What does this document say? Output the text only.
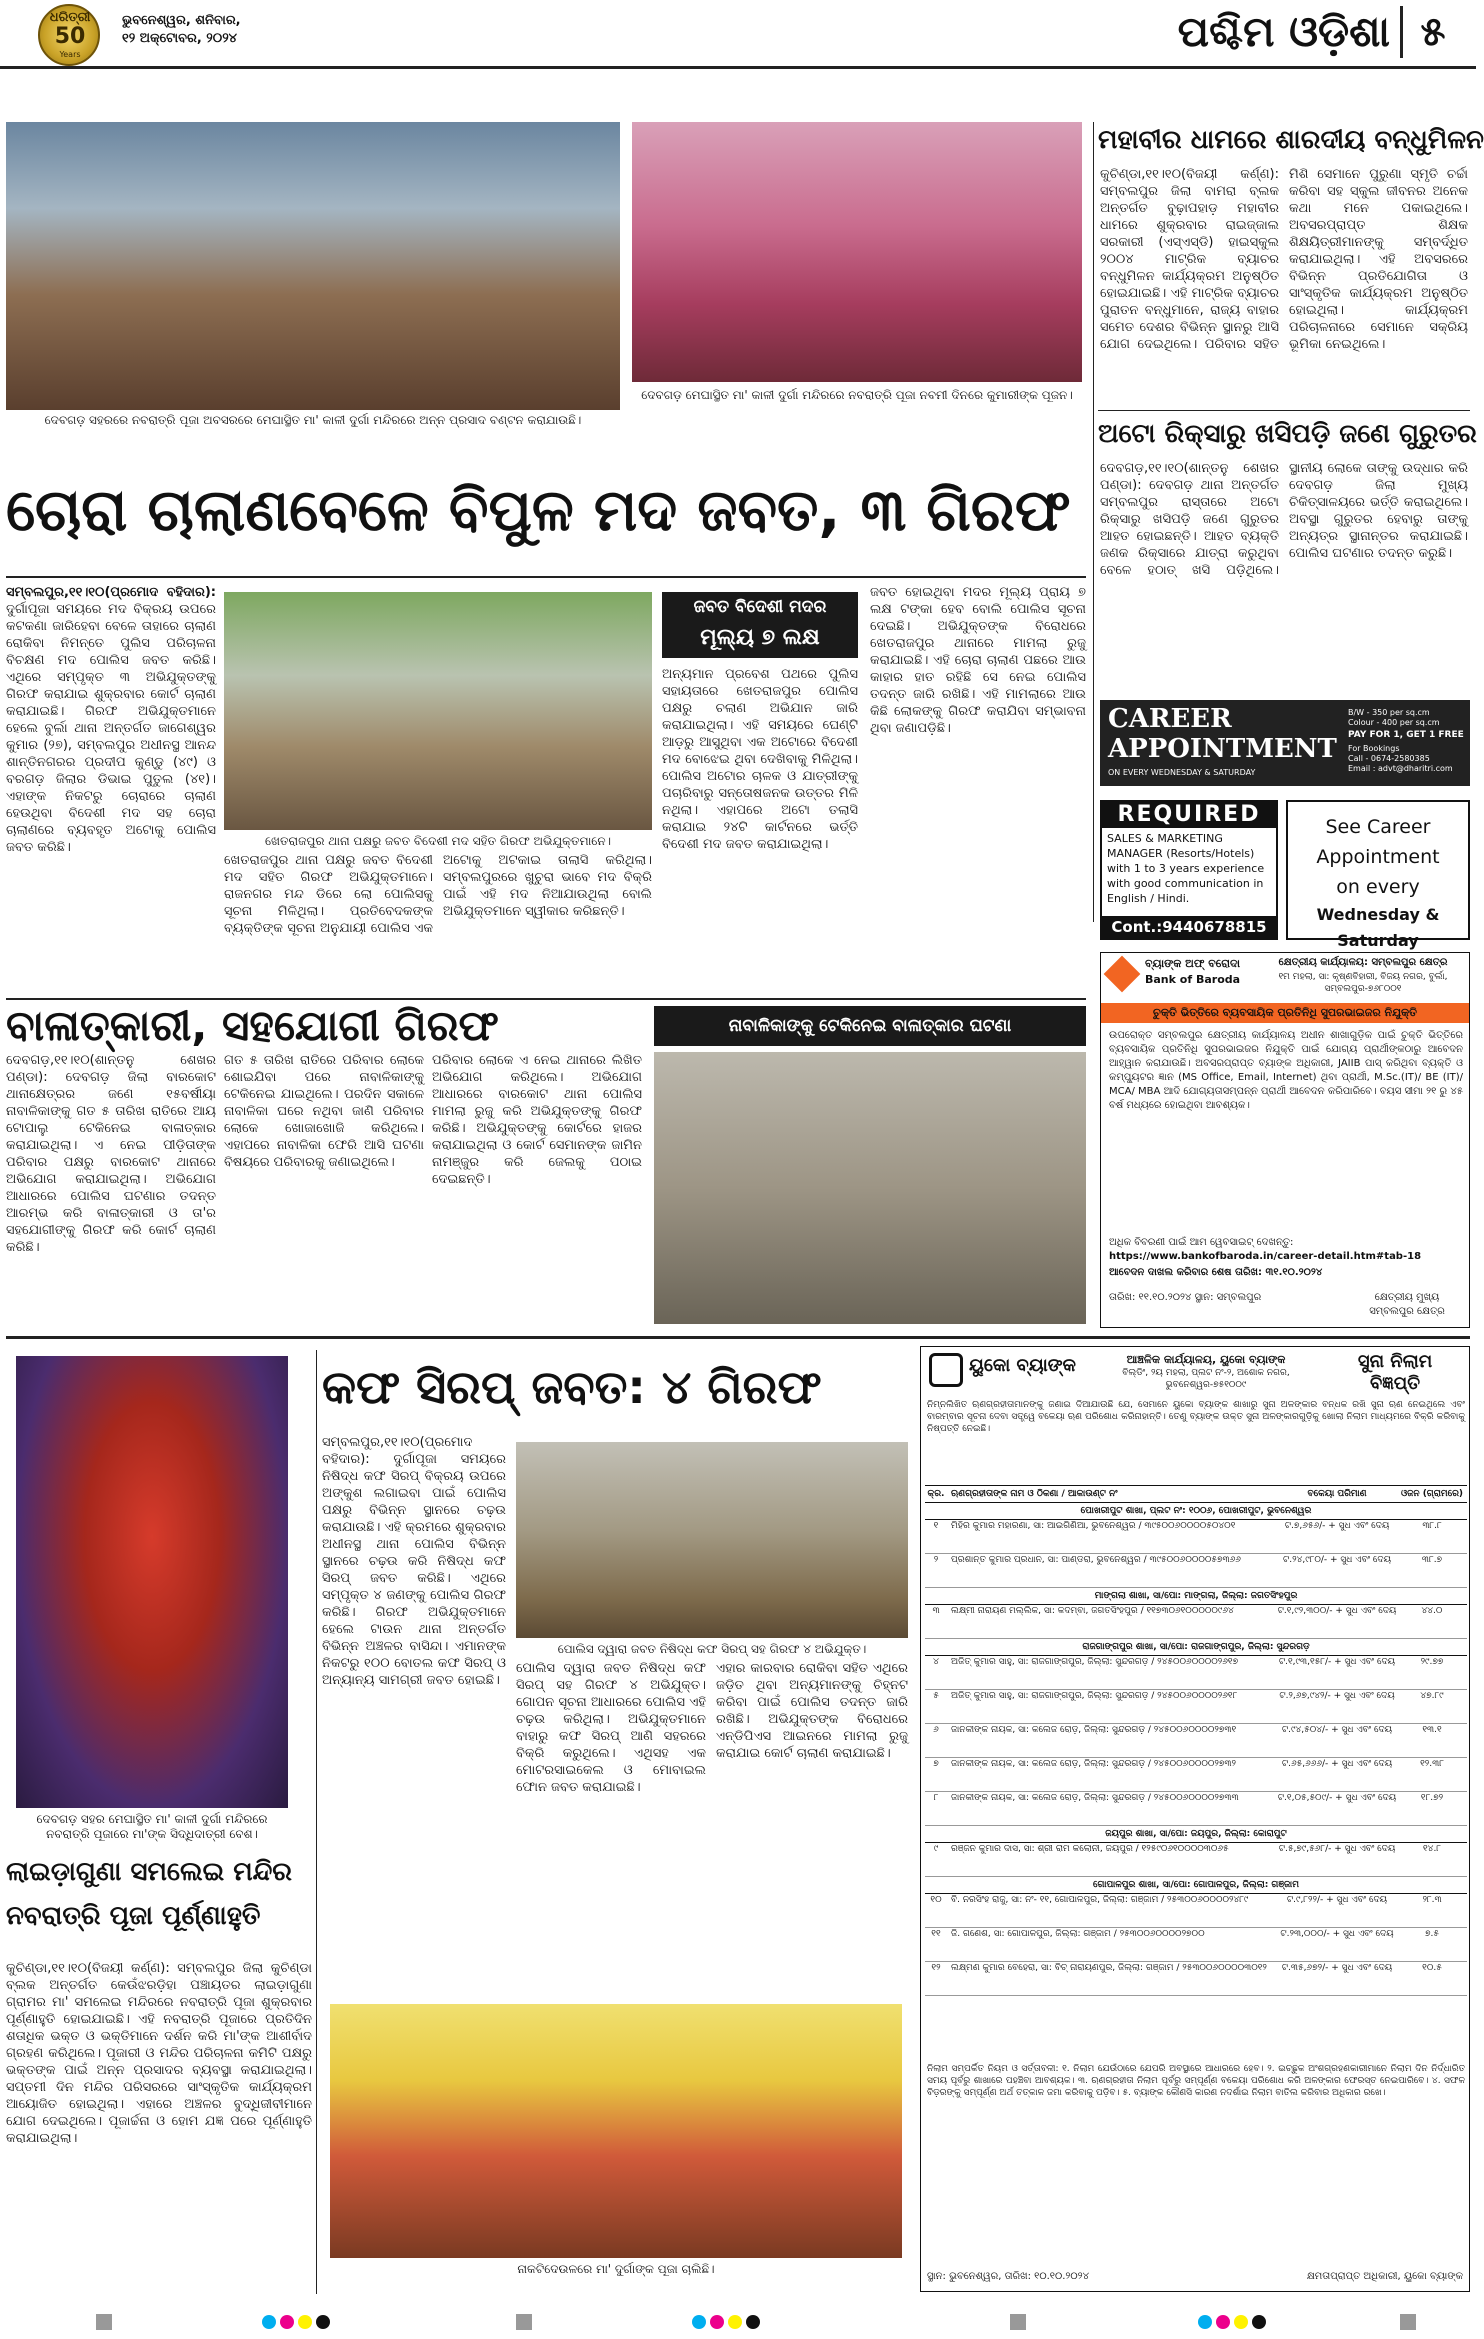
ଧରିତ୍ରୀ
50
Years
ଭୁବନେଶ୍ୱର, ଶନିବାର,
୧୨ ଅକ୍ଟୋବର, ୨୦୨୪	ପଶ୍ଚିମ ଓଡ଼ିଶା ୫
ଦେବଗଡ଼ ସହରରେ ନବରାତ୍ରି ପୂଜା ଅବସରରେ ମେଘାସ୍ଥିତ ମା' କାଳୀ ଦୁର୍ଗା ମନ୍ଦିରରେ ଅନ୍ନ ପ୍ରସାଦ ବଣ୍ଟନ କରାଯାଉଛି।
ଦେବଗଡ଼ ମେଘାସ୍ଥିତ ମା' କାଳୀ ଦୁର୍ଗା ମନ୍ଦିରରେ ନବରାତ୍ରି ପୂଜା ନବମୀ ଦିନରେ କୁମାରୀଙ୍କ ପୂଜନ।
ମହାବୀର ଧାମରେ ଶାରଦୀୟ ବନ୍ଧୁମିଳନ
କୁଚିଣ୍ଡା,୧୧।୧୦(ବିଜୟୀ କର୍ଣ୍ଣ): ସମ୍ବଲପୁର ଜିଲା ବାମରା ବ୍ଲକ ଅନ୍ତର୍ଗତ ବୁଢ଼ାପହାଡ଼ ମହାବୀର ଧାମରେ ଶୁକ୍ରବାର ରାଇଜ୍ଜାଲ ସରକାରୀ (ଏସ୍‌ଏସ୍‌ଡି) ହାଇସ୍କୁଲ ୨୦୦୪ ମାଟ୍ରିକ ବ୍ୟାଚର ବନ୍ଧୁମିଳନ କାର୍ଯ୍ୟକ୍ରମ ଅନୁଷ୍ଠିତ ହୋଇଯାଇଛି। ଏହି ମାଟ୍ରିକ ବ୍ୟାଚର ପୁରାତନ ବନ୍ଧୁମାନେ, ରାଜ୍ୟ ବାହାର ସମେତ ଦେଶର ବିଭିନ୍ନ ସ୍ଥାନରୁ ଆସି ଯୋଗ ଦେଇଥିଲେ। ପରିବାର ସହିତ ମିଶି ସେମାନେ ପୁରୁଣା ସ୍ମୃତି ଚର୍ଚ୍ଚା କରିବା ସହ ସ୍କୁଲ ଜୀବନର ଅନେକ କଥା ମନେ ପକାଇଥିଲେ। ଅବସରପ୍ରାପ୍ତ ଶିକ୍ଷକ ଶିକ୍ଷୟିତ୍ରୀମାନଙ୍କୁ ସମ୍ବର୍ଦ୍ଧିତ କରାଯାଇଥିଲା। ଏହି ଅବସରରେ ବିଭିନ୍ନ ପ୍ରତିଯୋଗିତା ଓ ସାଂସ୍କୃତିକ କାର୍ଯ୍ୟକ୍ରମ ଅନୁଷ୍ଠିତ ହୋଇଥିଲା। କାର୍ଯ୍ୟକ୍ରମ ପରିଚାଳନାରେ ସେମାନେ ସକ୍ରିୟ ଭୂମିକା ନେଇଥିଲେ।
ଅଟୋ ରିକ୍ସାରୁ ଖସିପଡ଼ି ଜଣେ ଗୁରୁତର
ଦେବଗଡ଼,୧୧।୧୦(ଶାନ୍ତନୁ ଶେଖର ପଣ୍ଡା): ଦେବଗଡ଼ ଥାନା ଅନ୍ତର୍ଗତ ସମ୍ବଲପୁର ରାସ୍ତାରେ ଅଟୋ ରିକ୍ସାରୁ ଖସିପଡ଼ି ଜଣେ ଗୁରୁତର ଆହତ ହୋଇଛନ୍ତି। ଆହତ ବ୍ୟକ୍ତି ଜଣକ ରିକ୍ସାରେ ଯାତ୍ରା କରୁଥିବା ବେଳେ ହଠାତ୍ ଖସି ପଡ଼ିଥିଲେ। ସ୍ଥାନୀୟ ଲୋକେ ତାଙ୍କୁ ଉଦ୍ଧାର କରି ଦେବଗଡ଼ ଜିଲା ମୁଖ୍ୟ ଚିକିତ୍ସାଳୟରେ ଭର୍ତ୍ତି କରାଇଥିଲେ। ଅବସ୍ଥା ଗୁରୁତର ହେବାରୁ ତାଙ୍କୁ ଅନ୍ୟତ୍ର ସ୍ଥାନାନ୍ତର କରାଯାଇଛି। ପୋଲିସ ଘଟଣାର ତଦନ୍ତ କରୁଛି।
ଚୋରା ଚାଲାଣବେଳେ ବିପୁଳ ମଦ ଜବତ, ୩ ଗିରଫ
ସମ୍ବଲପୁର,୧୧।୧୦(ପ୍ରମୋଦ ବହିଦାର): ଦୁର୍ଗାପୂଜା ସମୟରେ ମଦ ବିକ୍ରୟ ଉପରେ କଟକଣା ଜାରିହେବା ବେଳେ ତାହାରେ ଚାଲାଣ ରୋକିବା ନିମନ୍ତେ ପୁଲିସ ପରିଚାଳନା ବିଚକ୍ଷଣ ମଦ ପୋଲିସ ଜବତ କରିଛି। ଏଥିରେ ସମ୍ପୃକ୍ତ ୩ ଅଭିଯୁକ୍ତଙ୍କୁ ଗିରଫ କରାଯାଇ ଶୁକ୍ରବାର କୋର୍ଟ ଚାଲାଣ କରାଯାଇଛି। ଗିରଫ ଅଭିଯୁକ୍ତମାନେ ହେଲେ ବୁର୍ଲା ଥାନା ଅନ୍ତର୍ଗତ ଜାଗେଶ୍ୱର କୁମାର (୨୭), ସମ୍ବଲପୁର ଅଧୀନସ୍ଥ ଆନନ୍ଦ ଶାନ୍ତିନଗରର ପ୍ରଦୀପ କୁଣ୍ଡୁ (୪୯) ଓ ବରଗଡ଼ ଜିଲାର ଡିଭାଇ ପୁତୁଲ (୪୧)। ଏହାଙ୍କ ନିକଟରୁ ଚୋରାରେ ଚାଲାଣ ହେଉଥିବା ବିଦେଶୀ ମଦ ସହ ଚୋରା ଚାଲାଣରେ ବ୍ୟବହୃତ ଅଟୋକୁ ପୋଲିସ ଜବତ କରିଛି।	ଖେତରାଜପୁର ଥାନା ପକ୍ଷରୁ ଜବତ ବିଦେଶୀ ମଦ ସହିତ ଗିରଫ ଅଭିଯୁକ୍ତମାନେ।
ଖେତରାଜପୁର ଥାନା ପକ୍ଷରୁ ଜବତ ବିଦେଶୀ ମଦ ସହିତ ଗିରଫ ଅଭିଯୁକ୍ତମାନେ। ରାଜନଗର ମନ୍ଦ ଡିରେ ଲୋ ପୋଲିସକୁ ସୂଚନା ମିଳିଥିଲା। ପ୍ରତିବେଦକଙ୍କ ବ୍ୟକ୍ତିଙ୍କ ସୂଚନା ଅନୁଯାୟୀ ପୋଲିସ ଏକ ଅଟୋକୁ ଅଟକାଇ ତାଲାସି କରିଥିଲା। ସମ୍ବଲପୁରରେ ଖୁଚୁରା ଭାବେ ମଦ ବିକ୍ରି ପାଇଁ ଏହି ମଦ ନିଆଯାଉଥିଲା ବୋଲି ଅଭିଯୁକ୍ତମାନେ ସ୍ୱୀକାର କରିଛନ୍ତି।
ଜବତ ବିଦେଶୀ ମଦର
ମୂଲ୍ୟ ୭ ଲକ୍ଷ
ଅନ୍ୟମାନ ପ୍ରବେଶ ପଥରେ ପୁଲିସ ସହାୟତାରେ ଖେତରାଜପୁର ପୋଲିସ ପକ୍ଷରୁ ଚଲାଣ ଅଭିଯାନ ଜାରି କରାଯାଇଥିଲା। ଏହି ସମୟରେ ଘେଣ୍ଟି ଆଡ଼ରୁ ଆସୁଥିବା ଏକ ଅଟୋରେ ବିଦେଶୀ ମଦ ବୋଝେଇ ଥିବା ଦେଖିବାକୁ ମିଳିଥିଲା। ପୋଲିସ ଅଟୋର ଚାଳକ ଓ ଯାତ୍ରୀଙ୍କୁ ପଚାରିବାରୁ ସନ୍ତୋଷଜନକ ଉତ୍ତର ମିଳି ନଥିଲା। ଏହାପରେ ଅଟୋ ତଲାସି କରାଯାଇ ୨୪ଟି କାର୍ଟନରେ ଭର୍ତ୍ତି ବିଦେଶୀ ମଦ ଜବତ କରାଯାଇଥିଲା।
ଜବତ ହୋଇଥିବା ମଦର ମୂଲ୍ୟ ପ୍ରାୟ ୭ ଲକ୍ଷ ଟଙ୍କା ହେବ ବୋଲି ପୋଲିସ ସୂଚନା ଦେଇଛି। ଅଭିଯୁକ୍ତଙ୍କ ବିରୋଧରେ ଖେତରାଜପୁର ଥାନାରେ ମାମଲା ରୁଜୁ କରାଯାଇଛି। ଏହି ଚୋରା ଚାଲାଣ ପଛରେ ଆଉ କାହାର ହାତ ରହିଛି ସେ ନେଇ ପୋଲିସ ତଦନ୍ତ ଜାରି ରଖିଛି। ଏହି ମାମଲାରେ ଆଉ କିଛି ଲୋକଙ୍କୁ ଗିରଫ କରାଯିବା ସମ୍ଭାବନା ଥିବା ଜଣାପଡ଼ିଛି।	CAREER
APPOINTMENT
ON EVERY WEDNESDAY & SATURDAY
B/W - 350 per sq.cm
Colour - 400 per sq.cm
PAY FOR 1, GET 1 FREE
For Bookings
Call - 0674-2580385
Email : advt@dharitri.com
REQUIRED
SALES & MARKETING MANAGER (Resorts/Hotels) with 1 to 3 years experience with good communication in English / Hindi.
Cont.:9440678815
See Career
Appointment
on every
Wednesday & Saturday
ବ୍ୟାଙ୍କ ଅଫ୍ ବରୋଦା
Bank of Baroda
କ୍ଷେତ୍ରୀୟ କାର୍ଯ୍ୟାଳୟ: ସମ୍ବଲପୁର କ୍ଷେତ୍ର
୧ମ ମହଲା, ସା: କୃଷ୍ଣବିହାରୀ, ବିଜୟ ନଗର, ବୁର୍ଲା, ସମ୍ବଲପୁର-୭୬୮୦୦୧
ଚୁକ୍ତି ଭିତ୍ତିରେ ବ୍ୟବସାୟିକ ପ୍ରତିନିଧି ସୁପରଭାଇଜର ନିଯୁକ୍ତି
ଉପରୋକ୍ତ ସମ୍ବଲପୁର କ୍ଷେତ୍ରୀୟ କାର୍ଯ୍ୟାଳୟ ଅଧୀନ ଶାଖାଗୁଡ଼ିକ ପାଇଁ ଚୁକ୍ତି ଭିତ୍ତିରେ ବ୍ୟବସାୟିକ ପ୍ରତିନିଧି ସୁପରଭାଇଜର ନିଯୁକ୍ତି ପାଇଁ ଯୋଗ୍ୟ ପ୍ରାର୍ଥୀଙ୍କଠାରୁ ଆବେଦନ ଆହ୍ୱାନ କରାଯାଉଛି। ଅବସରପ୍ରାପ୍ତ ବ୍ୟାଙ୍କ ଅଧିକାରୀ, JAIIB ପାସ୍ କରିଥିବା ବ୍ୟକ୍ତି ଓ କମ୍ପ୍ୟୁଟର ଜ୍ଞାନ (MS Office, Email, Internet) ଥିବା ପ୍ରାର୍ଥୀ, M.Sc.(IT)/ BE (IT)/ MCA/ MBA ଆଦି ଯୋଗ୍ୟତାସମ୍ପନ୍ନ ପ୍ରାର୍ଥୀ ଆବେଦନ କରିପାରିବେ। ବୟସ ସୀମା ୨୧ ରୁ ୪୫ ବର୍ଷ ମଧ୍ୟରେ ହୋଇଥିବା ଆବଶ୍ୟକ।
ଅଧିକ ବିବରଣୀ ପାଇଁ ଆମ ୱେବସାଇଟ୍ ଦେଖନ୍ତୁ:
https://www.bankofbaroda.in/career-detail.htm#tab-18
ଆବେଦନ ଦାଖଲ କରିବାର ଶେଷ ତାରିଖ: ୩୧.୧୦.୨୦୨୪
ତାରିଖ: ୧୧.୧୦.୨୦୨୪ ସ୍ଥାନ: ସମ୍ବଲପୁର	କ୍ଷେତ୍ରୀୟ ମୁଖ୍ୟ ସମ୍ବଲପୁର କ୍ଷେତ୍ର
ବାଳାତ୍କାରୀ, ସହଯୋଗୀ ଗିରଫ	ନାବାଳିକାଙ୍କୁ ଟେକିନେଇ ବାଳାତ୍କାର ଘଟଣା
ଦେବଗଡ଼,୧୧।୧୦(ଶାନ୍ତନୁ ଶେଖର ପଣ୍ଡା): ଦେବଗଡ଼ ଜିଲା ବାରକୋଟ ଥାନାକ୍ଷେତ୍ରର ଜଣେ ୧୫ବର୍ଷୀୟା ନାବାଳିକାଙ୍କୁ ଗତ ୫ ତାରିଖ ରାତିରେ ଆୟ ଟୋପାଲୁ ଟେକିନେଇ ବାଳାତ୍କାର କରାଯାଇଥିଲା। ଏ ନେଇ ପୀଡ଼ିତାଙ୍କ ପରିବାର ପକ୍ଷରୁ ବାରକୋଟ ଥାନାରେ ଅଭିଯୋଗ କରାଯାଇଥିଲା। ଅଭିଯୋଗ ଆଧାରରେ ପୋଲିସ ଘଟଣାର ତଦନ୍ତ ଆରମ୍ଭ କରି ବାଳାତ୍କାରୀ ଓ ତା'ର ସହଯୋଗୀଙ୍କୁ ଗିରଫ କରି କୋର୍ଟ ଚାଲାଣ କରିଛି।
ଗତ ୫ ତାରିଖ ରାତିରେ ପରିବାର ଲୋକେ ଶୋଇଯିବା ପରେ ନାବାଳିକାଙ୍କୁ ଟେକିନେଇ ଯାଇଥିଲେ। ପରଦିନ ସକାଳେ ନାବାଳିକା ଘରେ ନଥିବା ଜାଣି ପରିବାର ଲୋକେ ଖୋଜାଖୋଜି କରିଥିଲେ। ଏହାପରେ ନାବାଳିକା ଫେରି ଆସି ଘଟଣା ବିଷୟରେ ପରିବାରକୁ ଜଣାଇଥିଲେ।
ପରିବାର ଲୋକେ ଏ ନେଇ ଥାନାରେ ଲିଖିତ ଅଭିଯୋଗ କରିଥିଲେ। ଅଭିଯୋଗ ଆଧାରରେ ବାରକୋଟ ଥାନା ପୋଲିସ ମାମଲା ରୁଜୁ କରି ଅଭିଯୁକ୍ତଙ୍କୁ ଗିରଫ କରିଛି। ଅଭିଯୁକ୍ତଙ୍କୁ କୋର୍ଟରେ ହାଜର କରାଯାଇଥିଲା ଓ କୋର୍ଟ ସେମାନଙ୍କ ଜାମିନ ନାମଞ୍ଜୁର କରି ଜେଲକୁ ପଠାଇ ଦେଇଛନ୍ତି।
ଦେବଗଡ଼ ସହର ମେଘାସ୍ଥିତ ମା' କାଳୀ ଦୁର୍ଗା ମନ୍ଦିରରେ ନବରାତ୍ରି ପୂଜାରେ ମା'ଙ୍କ ସିଦ୍ଧିଦାତ୍ରୀ ବେଶ।
ଲାଇଡ଼ାଗୁଣା ସମଲେଇ ମନ୍ଦିର
ନବରାତ୍ରି ପୂଜା ପୂର୍ଣ୍ଣାହୁତି
କୁଚିଣ୍ଡା,୧୧।୧୦(ବିଜୟୀ କର୍ଣ୍ଣ): ସମ୍ବଲପୁର ଜିଲା କୁଚିଣ୍ଡା ବ୍ଲକ ଅନ୍ତର୍ଗତ କେଉଁଝରଡ଼ିହା ପଞ୍ଚାୟତର ଲାଇଡ଼ାଗୁଣା ଗ୍ରାମର ମା' ସମଲେଇ ମନ୍ଦିରରେ ନବରାତ୍ରି ପୂଜା ଶୁକ୍ରବାର ପୂର୍ଣ୍ଣାହୁତି ହୋଇଯାଇଛି। ଏହି ନବରାତ୍ରି ପୂଜାରେ ପ୍ରତିଦିନ ଶତାଧିକ ଭକ୍ତ ଓ ଭକ୍ତିମାନେ ଦର୍ଶନ କରି ମା'ଙ୍କ ଆଶୀର୍ବାଦ ଗ୍ରହଣ କରିଥିଲେ। ପୂଜାରୀ ଓ ମନ୍ଦିର ପରିଚାଳନା କମିଟି ପକ୍ଷରୁ ଭକ୍ତଙ୍କ ପାଇଁ ଅନ୍ନ ପ୍ରସାଦର ବ୍ୟବସ୍ଥା କରାଯାଇଥିଲା। ସପ୍ତମୀ ଦିନ ମନ୍ଦିର ପରିସରରେ ସାଂସ୍କୃତିକ କାର୍ଯ୍ୟକ୍ରମ ଆୟୋଜିତ ହୋଇଥିଲା। ଏହାରେ ଅଞ୍ଚଳର ବୁଦ୍ଧିଜୀବୀମାନେ ଯୋଗ ଦେଇଥିଲେ। ପୂଜାର୍ଚ୍ଚନା ଓ ହୋମ ଯଜ୍ଞ ପରେ ପୂର୍ଣ୍ଣାହୁତି କରାଯାଇଥିଲା।
କଫ ସିରପ୍ ଜବତ: ୪ ଗିରଫ
ସମ୍ବଲପୁର,୧୧।୧୦(ପ୍ରମୋଦ ବହିଦାର): ଦୁର୍ଗାପୂଜା ସମୟରେ ନିଷିଦ୍ଧ କଫ ସିରପ୍ ବିକ୍ରୟ ଉପରେ ଅଙ୍କୁଶ ଲଗାଇବା ପାଇଁ ପୋଲିସ ପକ୍ଷରୁ ବିଭିନ୍ନ ସ୍ଥାନରେ ଚଢ଼ଉ କରାଯାଉଛି। ଏହି କ୍ରମରେ ଶୁକ୍ରବାର ଅଧୀନସ୍ଥ ଥାନା ପୋଲିସ ବିଭିନ୍ନ ସ୍ଥାନରେ ଚଢ଼ଉ କରି ନିଷିଦ୍ଧ କଫ ସିରପ୍ ଜବତ କରିଛି। ଏଥିରେ ସମ୍ପୃକ୍ତ ୪ ଜଣଙ୍କୁ ପୋଲିସ ଗିରଫ କରିଛି। ଗିରଫ ଅଭିଯୁକ୍ତମାନେ ହେଲେ ଟାଉନ ଥାନା ଅନ୍ତର୍ଗତ ବିଭିନ୍ନ ଅଞ୍ଚଳର ବାସିନ୍ଦା। ଏମାନଙ୍କ ନିକଟରୁ ୧୦୦ ବୋତଲ କଫ ସିରପ୍ ଓ ଅନ୍ୟାନ୍ୟ ସାମଗ୍ରୀ ଜବତ ହୋଇଛି।
ପୋଲିସ ଦ୍ୱାରା ଜବତ ନିଷିଦ୍ଧ କଫ ସିରପ୍ ସହ ଗିରଫ ୪ ଅଭିଯୁକ୍ତ।
ପୋଲିସ ଦ୍ୱାରା ଜବତ ନିଷିଦ୍ଧ କଫ ସିରପ୍ ସହ ଗିରଫ ୪ ଅଭିଯୁକ୍ତ। ଗୋପନ ସୂଚନା ଆଧାରରେ ପୋଲିସ ଏହି ଚଢ଼ଉ କରିଥିଲା। ଅଭିଯୁକ୍ତମାନେ ବାହାରୁ କଫ ସିରପ୍ ଆଣି ସହରରେ ବିକ୍ରି କରୁଥିଲେ। ଏଥିସହ ଏକ ମୋଟରସାଇକେଲ ଓ ମୋବାଇଲ ଫୋନ ଜବତ କରାଯାଇଛି।
ଏହାର କାରବାର ରୋକିବା ସହିତ ଏଥିରେ ଜଡ଼ିତ ଥିବା ଅନ୍ୟମାନଙ୍କୁ ଚିହ୍ନଟ କରିବା ପାଇଁ ପୋଲିସ ତଦନ୍ତ ଜାରି ରଖିଛି। ଅଭିଯୁକ୍ତଙ୍କ ବିରୋଧରେ ଏନ୍‌ଡିପିଏସ ଆଇନରେ ମାମଲା ରୁଜୁ କରାଯାଇ କୋର୍ଟ ଚାଲାଣ କରାଯାଇଛି।
ନାକଟିଦେଉଳରେ ମା' ଦୁର୍ଗାଙ୍କ ପୂଜା ଚାଲିଛି।
ୟୁକୋ ବ୍ୟାଙ୍କ	ଆଞ୍ଚଳିକ କାର୍ଯ୍ୟାଳୟ, ୟୁକୋ ବ୍ୟାଙ୍କ
ବିଲ୍ଡିଂ, ୨ୟ ମହଲା, ପ୍ଲଟ ନଂ-୨, ଅଶୋକ ନଗର, ଭୁବନେଶ୍ୱର-୭୫୧୦୦୯
ସୁନା ନିଲାମ
ବିଜ୍ଞପ୍ତି
ନିମ୍ନଲିଖିତ ଋଣଗ୍ରହୀତାମାନଙ୍କୁ ଜଣାଇ ଦିଆଯାଉଛି ଯେ, ସେମାନେ ୟୁକୋ ବ୍ୟାଙ୍କ ଶାଖାରୁ ସୁନା ଅଳଙ୍କାର ବନ୍ଧକ ରଖି ସୁନା ଋଣ ନେଇଥିଲେ ଏବଂ ବାରମ୍ବାର ସୂଚନା ଦେବା ସତ୍ତ୍ୱେ ବକେୟା ଋଣ ପରିଶୋଧ କରିନାହାନ୍ତି। ତେଣୁ ବ୍ୟାଙ୍କ ଉକ୍ତ ସୁନା ଅଳଙ୍କାରଗୁଡ଼ିକୁ ଖୋଲା ନିଲାମ ମାଧ୍ୟମରେ ବିକ୍ରି କରିବାକୁ ନିଷ୍ପତ୍ତି ନେଇଛି।
କ୍ର. ଋଣଗ୍ରହୀତାଙ୍କ ନାମ ଓ ଠିକଣା / ଆକାଉଣ୍ଟ ନଂ	ବକେୟା ପରିମାଣ	ଓଜନ (ଗ୍ରାମରେ)
ପୋଖରୀପୁଟ ଶାଖା, ପ୍ଲଟ ନଂ: ୧୦୦୬, ପୋଖରୀପୁଟ, ଭୁବନେଶ୍ୱର
୧	ମିହିର କୁମାର ମହାରଣା, ସା: ଆଇଗିଣିଆ, ଭୁବନେଶ୍ୱର / ୩୯୫୦୦୬୦୦୦୦୫୦୪୦୧	ଟ.୭,୬୫୬/- + ସୁଧ ଏବଂ ଦେୟ	୩୮.୮
୨	ପ୍ରଶାନ୍ତ କୁମାର ପ୍ରଧାନ, ସା: ପାଣ୍ଡରା, ଭୁବନେଶ୍ୱର / ୩୯୫୦୦୬୦୦୦୦୫୭୩୬୬	ଟ.୨୪,୯୮୦/- + ସୁଧ ଏବଂ ଦେୟ	୩୮.୭
ମାଙ୍ଗଲା ଶାଖା, ସା/ପୋ: ମାଙ୍ଗଲା, ଜିଲ୍ଲା: ଜଗତସିଂହପୁର
୩	ଲକ୍ଷ୍ମୀ ନାରାୟଣ ମଲ୍ଲିକ, ସା: କଦମ୍ବା, ଜଗତସିଂହପୁର / ୧୧୭୩୦୬୧୦୦୦୦୦୯୬୪	ଟ.୧,୯୨,୩୦୦/- + ସୁଧ ଏବଂ ଦେୟ	୪୪.୦
ରାଜଗାଙ୍ଗପୁର ଶାଖା, ସା/ପୋ: ରାଜଗାଙ୍ଗପୁର, ଜିଲ୍ଲା: ସୁନ୍ଦରଗଡ଼
୪	ଅଜିତ୍ କୁମାର ସାହୁ, ସା: ରାଜଗାଙ୍ଗପୁର, ଜିଲ୍ଲା: ସୁନ୍ଦରଗଡ଼ / ୨୪୫୦୦୬୦୦୦୦୨୬୧୭	ଟ.୧,୯୩,୧୫୮/- + ସୁଧ ଏବଂ ଦେୟ	୨୯.୭୭
୫	ଅଜିତ୍ କୁମାର ସାହୁ, ସା: ରାଜଗାଙ୍ଗପୁର, ଜିଲ୍ଲା: ସୁନ୍ଦରଗଡ଼ / ୨୪୫୦୦୬୦୦୦୦୨୬୧୮	ଟ.୨,୬୭,୯୪୨/- + ସୁଧ ଏବଂ ଦେୟ	୪୭.୮୯
୬	ଜାନକୀଙ୍କ ନାୟକ, ସା: କଲେଜ ରୋଡ଼, ଜିଲ୍ଲା: ସୁନ୍ଦରଗଡ଼ / ୨୪୫୦୦୬୦୦୦୦୨୭୩୧	ଟ.୯୪,୫୦୪/- + ସୁଧ ଏବଂ ଦେୟ	୧୩.୧
୭	ଜାନକୀଙ୍କ ନାୟକ, ସା: କଲେଜ ରୋଡ଼, ଜିଲ୍ଲା: ସୁନ୍ଦରଗଡ଼ / ୨୪୫୦୦୬୦୦୦୦୨୭୩୨	ଟ.୬୫,୬୬୬/- + ସୁଧ ଏବଂ ଦେୟ	୧୨.୩୮
୮	ଜାନକୀଙ୍କ ନାୟକ, ସା: କଲେଜ ରୋଡ଼, ଜିଲ୍ଲା: ସୁନ୍ଦରଗଡ଼ / ୨୪୫୦୦୬୦୦୦୦୨୭୩୩	ଟ.୧,୦୫,୫୦୯/- + ସୁଧ ଏବଂ ଦେୟ	୧୮.୭୨
ଜୟପୁର ଶାଖା, ସା/ପୋ: ଜୟପୁର, ଜିଲ୍ଲା: କୋରାପୁଟ
୯	ରଞ୍ଜନ କୁମାର ଦାସ, ସା: ଶ୍ରୀ ରାମ କଲୋନୀ, ଜୟପୁର / ୧୨୫୯୦୬୧୦୦୦୦୩୦୬୫	ଟ.୫,୭୯,୫୬୮/- + ସୁଧ ଏବଂ ଦେୟ	୧୪.୮
ଗୋପାଳପୁର ଶାଖା, ସା/ପୋ: ଗୋପାଳପୁର, ଜିଲ୍ଲା: ଗଞ୍ଜାମ
୧୦	ବି. ନରସିଂହ ରାଜୁ, ସା: ନଂ- ୧୧, ଗୋପାଳପୁର, ଜିଲ୍ଲା: ଗଞ୍ଜାମ / ୨୫୩୦୦୬୦୦୦୦୨୪୮୯	ଟ.୯,୮୨୨/- + ସୁଧ ଏବଂ ଦେୟ	୨୮.୩
୧୧	ଜି. ଗଣେଶ, ସା: ଗୋପାଳପୁର, ଜିଲ୍ଲା: ଗଞ୍ଜାମ / ୨୫୩୦୦୬୦୦୦୦୨୭୦୦	ଟ.୨୩,୦୦୦/- + ସୁଧ ଏବଂ ଦେୟ	୭.୫
୧୨	ଲକ୍ଷ୍ମଣ କୁମାର ବେହେରା, ସା: ବିଚ୍ ନାରାୟଣପୁର, ଜିଲ୍ଲା: ଗଞ୍ଜାମ / ୨୫୩୦୦୬୦୦୦୦୩୦୧୨	ଟ.୩୫,୬୭୨/- + ସୁଧ ଏବଂ ଦେୟ	୧୦.୫
ନିଲାମ ସମ୍ପର୍କିତ ନିୟମ ଓ ସର୍ତ୍ତାବଳୀ: ୧. ନିଲାମ ଯେଉଁଠାରେ ଯେପରି ଅବସ୍ଥାରେ ଆଧାରରେ ହେବ। ୨. ଇଚ୍ଛୁକ ଅଂଶଗ୍ରହଣକାରୀମାନେ ନିଲାମ ଦିନ ନିର୍ଦ୍ଧାରିତ ସମୟ ପୂର୍ବରୁ ଶାଖାରେ ପହଞ୍ଚିବା ଆବଶ୍ୟକ। ୩. ଋଣଗ୍ରହୀତା ନିଲାମ ପୂର୍ବରୁ ସମ୍ପୂର୍ଣ୍ଣ ବକେୟା ପରିଶୋଧ କରି ଅଳଙ୍କାର ଫେରସ୍ତ ନେଇପାରିବେ। ୪. ସଫଳ ବିଡ଼ରଙ୍କୁ ସମ୍ପୂର୍ଣ୍ଣ ଅର୍ଥ ତତ୍କାଳ ଜମା କରିବାକୁ ପଡ଼ିବ। ୫. ବ୍ୟାଙ୍କ କୌଣସି କାରଣ ନଦର୍ଶାଇ ନିଲାମ ବାତିଲ କରିବାର ଅଧିକାର ରଖେ।
ସ୍ଥାନ: ଭୁବନେଶ୍ୱର, ତାରିଖ: ୧୦.୧୦.୨୦୨୪	କ୍ଷମତାପ୍ରାପ୍ତ ଅଧିକାରୀ, ୟୁକୋ ବ୍ୟାଙ୍କ
